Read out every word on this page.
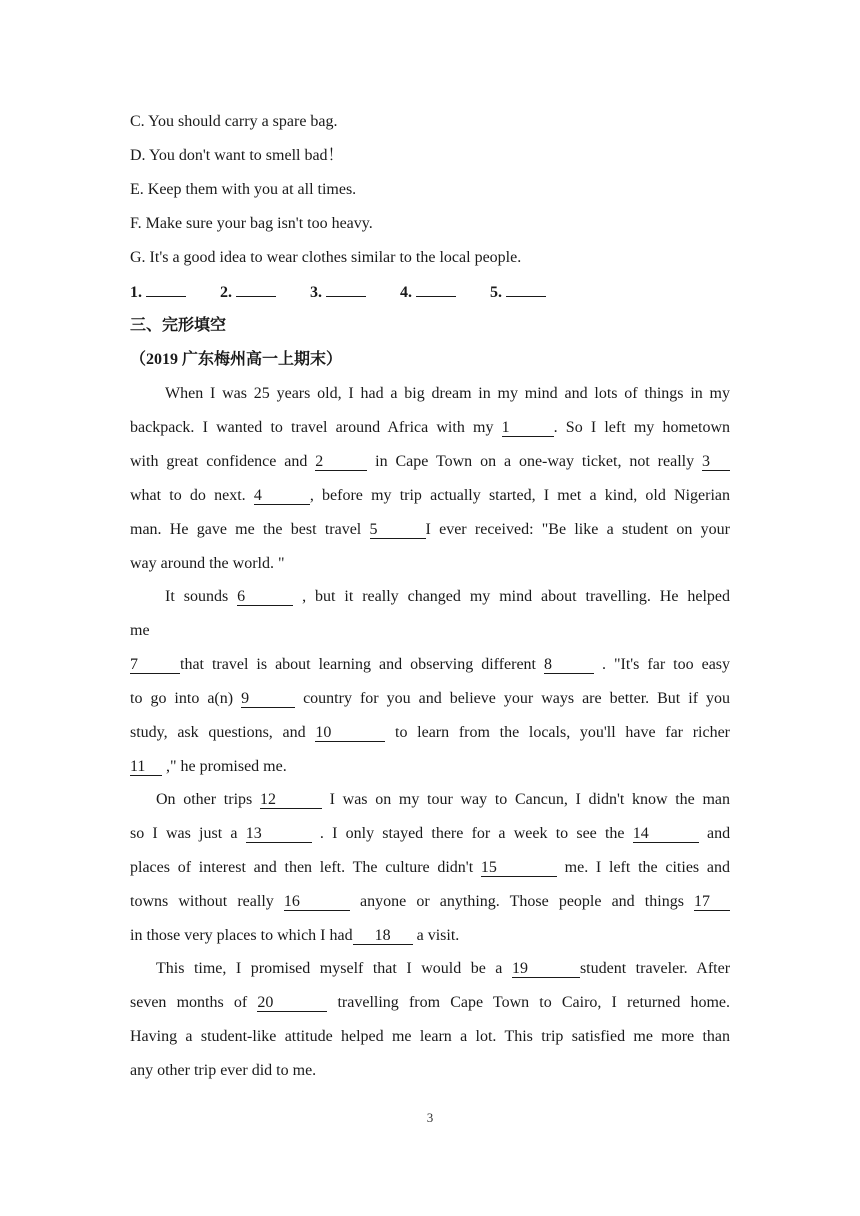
C. You should carry a spare bag.
D. You don't want to smell bad！
E. Keep them with you at all times.
F. Make sure your bag isn't too heavy.
G. It's a good idea to wear clothes similar to the local people.
1.	2.	3.	4.	5.
三、完形填空
（2019 广东梅州高一上期末）
When I was 25 years old, I had a big dream in my mind and lots of things in my
backpack. I wanted to travel around Africa with my 1	. So I left my hometown
with great confidence and 2	in Cape Town on a one-way ticket, not really 3
what to do next. 4	, before my trip actually started, I met a kind, old Nigerian
man. He gave me the best travel 5	I ever received: "Be like a student on your
way around the world. "
It sounds 6	, but it really changed my mind about travelling. He helped
me
7	that travel is about learning and observing different 8	. "It's far too easy
to go into a(n) 9	country for you and believe your ways are better. But if you
study, ask questions, and 10	to learn from the locals, you'll have far richer
11 ," he promised me.
On other trips 12	I was on my tour way to Cancun, I didn't know the man
so I was just a 13	. I only stayed there for a week to see the 14	and
places of interest and then left. The culture didn't 15	me. I left the cities and
towns without really 16	anyone or anything. Those people and things 17
in those very places to which I had 18 a visit.
This time, I promised myself that I would be a 19	student traveler. After
seven months of 20	travelling from Cape Town to Cairo, I returned home.
Having a student-like attitude helped me learn a lot. This trip satisfied me more than
any other trip ever did to me.
3
